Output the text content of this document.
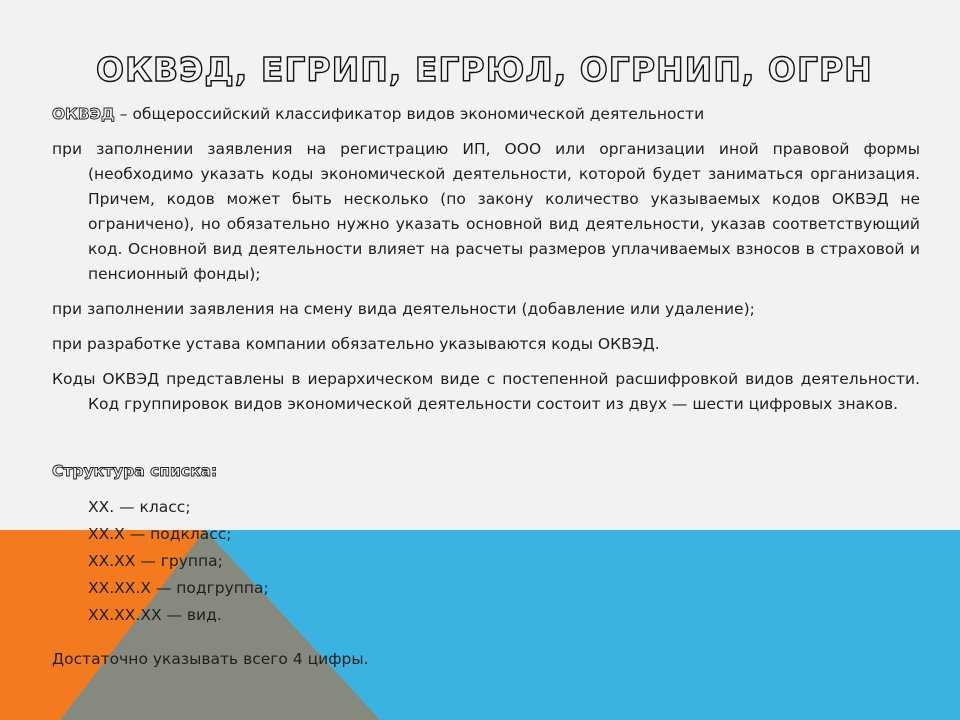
ОКВЭД, ЕГРИП, ЕГРЮЛ, ОГРНИП, ОГРН

ОКВЭД – общероссийский классификатор видов экономической деятельности

при заполнении заявления на регистрацию ИП, ООО или организации иной правовой формы (необходимо указать коды экономической деятельности, которой будет заниматься организация. Причем, кодов может быть несколько (по закону количество указываемых кодов ОКВЭД не ограничено), но обязательно нужно указать основной вид деятельности, указав соответствующий код. Основной вид деятельности влияет на расчеты размеров уплачиваемых взносов в страховой и пенсионный фонды);

при заполнении заявления на смену вида деятельности (добавление или удаление);

при разработке устава компании обязательно указываются коды ОКВЭД.

Коды ОКВЭД представлены в иерархическом виде с постепенной расшифровкой видов деятельности. Код группировок видов экономической деятельности состоит из двух — шести цифровых знаков.

Структура списка:

ХХ. — класс;
XX.X — подкласс;
XX.XX — группа;
XX.XX.X — подгруппа;
XX.XX.XX — вид.

Достаточно указывать всего 4 цифры.
